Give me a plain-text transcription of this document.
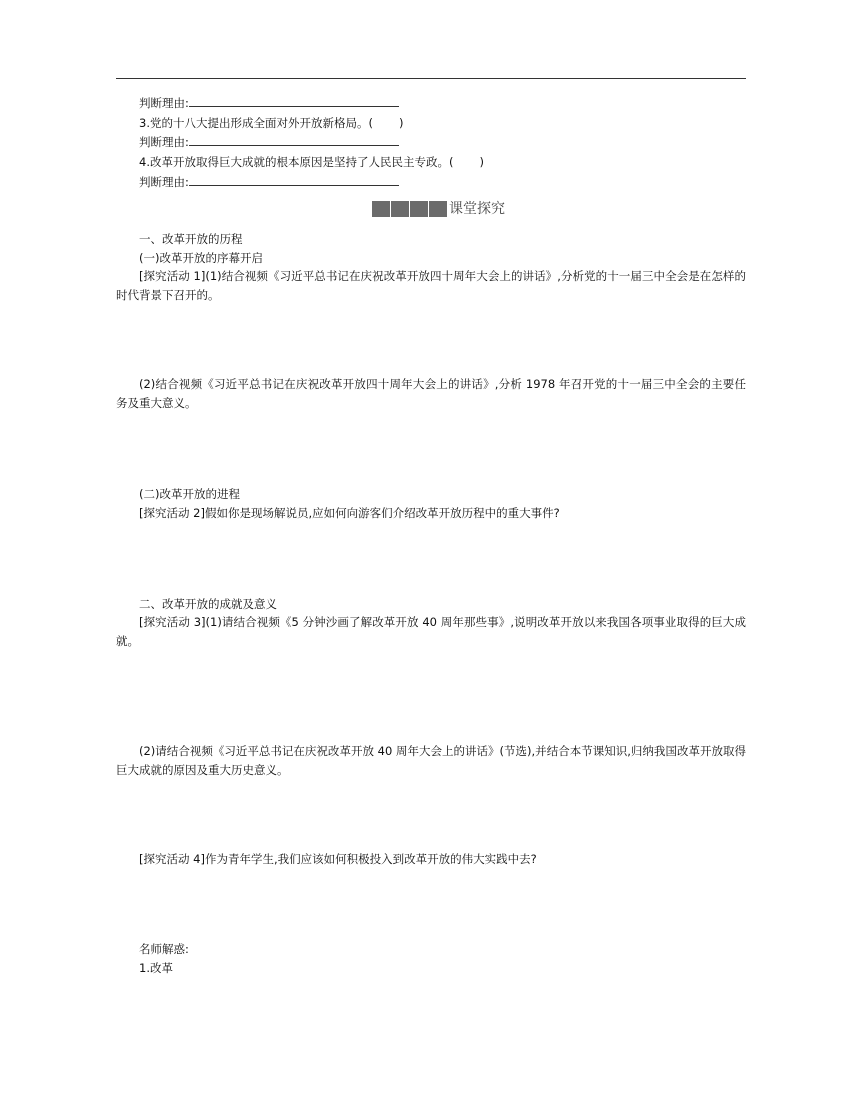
判断理由:
3.党的十八大提出形成全面对外开放新格局。( )
判断理由:
4.改革开放取得巨大成就的根本原因是坚持了人民民主专政。( )
判断理由:
课堂探究
一、改革开放的历程
(一)改革开放的序幕开启
[探究活动 1](1)结合视频《习近平总书记在庆祝改革开放四十周年大会上的讲话》,分析党的十一届三中全会是在怎样的时代背景下召开的。
(2)结合视频《习近平总书记在庆祝改革开放四十周年大会上的讲话》,分析 1978 年召开党的十一届三中全会的主要任务及重大意义。
(二)改革开放的进程
[探究活动 2]假如你是现场解说员,应如何向游客们介绍改革开放历程中的重大事件?
二、改革开放的成就及意义
[探究活动 3](1)请结合视频《5 分钟沙画了解改革开放 40 周年那些事》,说明改革开放以来我国各项事业取得的巨大成就。
(2)请结合视频《习近平总书记在庆祝改革开放 40 周年大会上的讲话》(节选),并结合本节课知识,归纳我国改革开放取得巨大成就的原因及重大历史意义。
[探究活动 4]作为青年学生,我们应该如何积极投入到改革开放的伟大实践中去?
名师解惑:
1.改革
